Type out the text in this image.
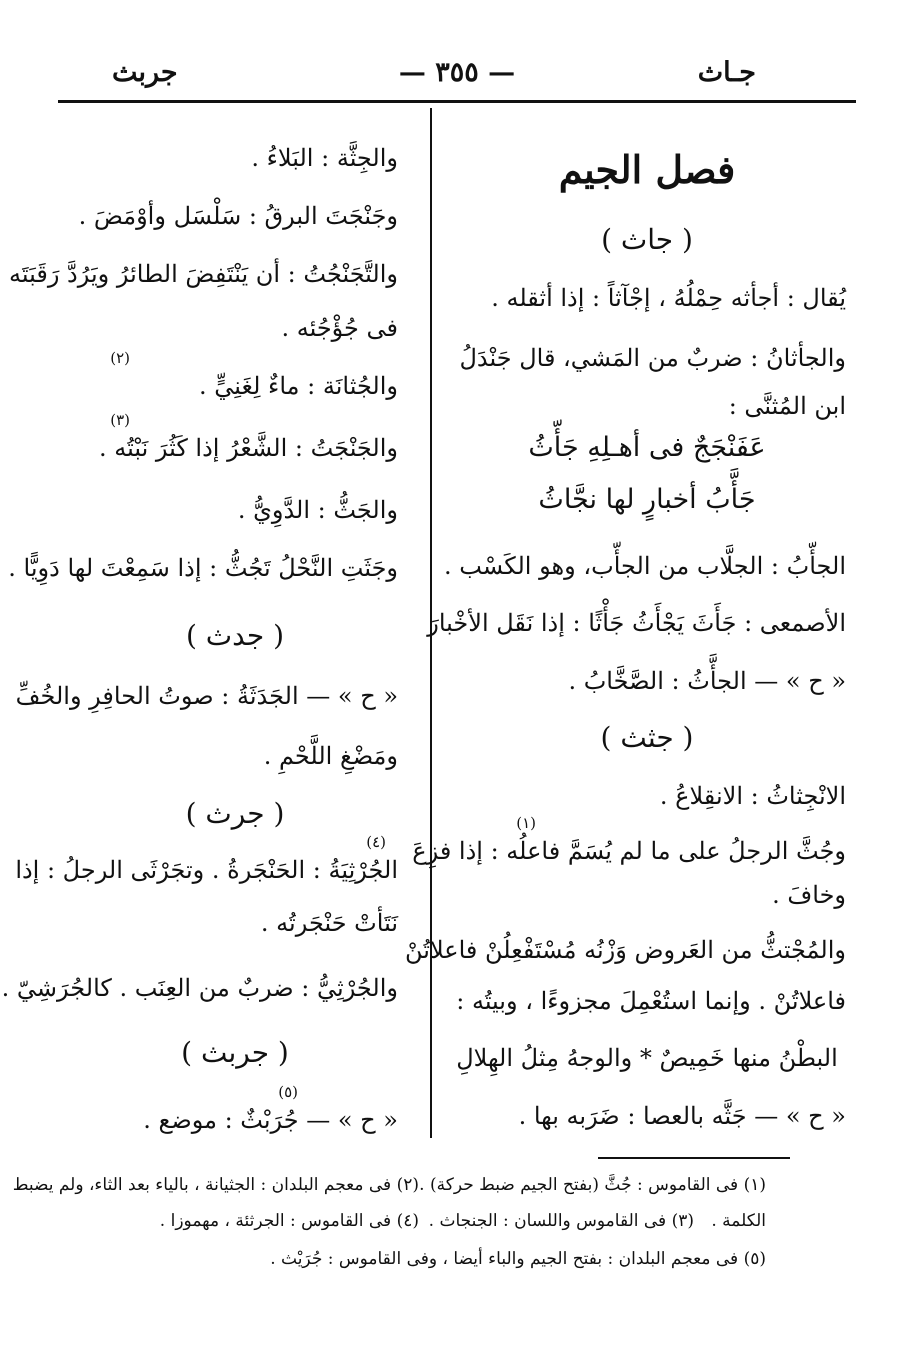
جـاث
— ٣٥٥ —
جربث
فصل الجيم
( جاث )
يُقال : أجأثه حِمْلُهُ ، إجْآثاً : إذا أثقله .
والجأثانُ : ضربٌ من المَشي، قال جَنْدَلُ
ابن المُثنَّى :
عَفَنْجَجٌ فى أهـلِهِ جَأّثُ
جَأَّبُ أخبارٍ لها نجَّاثُ
الجأّبُ : الجلَّاب من الجأّب، وهو الكَسْب .
الأصمعى : جَأَثَ يَجْأَثُ جَأْثًا : إذا نَقَل الأخْبارَ
« ح » — الجأَّثُ : الصَّخَّابُ .
( جثث )
الانْجِثاثُ : الانقِلاعُ .
(١)
وجُثَّ الرجلُ على ما لم يُسَمَّ فاعلُه : إذا فزِعَ
وخافَ .
والمُجْتثُّ من العَروض وَزْنُه مُسْتَفْعِلُنْ فاعلاتُنْ
فاعلاتُنْ . وإنما استُعْمِلَ مجزوءًا ، وبيتُه :
البطْنُ منها خَمِيصٌ * والوجهُ مِثلُ الهِلالِ
« ح » — جَثَّه بالعصا : ضَرَبه بها .
والجِثَّة : البَلاءُ .
وجَنْجَتَ البرقُ : سَلْسَل وأوْمَضَ .
والتَّجَنْجُتُ : أن يَنْتَفِضَ الطائرُ ويَرُدَّ رَقَبَتَه
فى جُؤْجُئه .
(٢)
والجُثانَة : ماءٌ لِغَنِيٍّ .
(٣)
والجَنْجَتُ : الشَّعْرُ إذا كَثُرَ نَبْتُه .
والجَثُّ : الدَّوِيُّ .
وجَثَتِ النَّحْلُ تَجُثُّ : إذا سَمِعْتَ لها دَوِيًّا .
( جدث )
« ح » — الجَدَثَةُ : صوتُ الحافِرِ والخُفِّ
ومَضْغِ اللَّحْمِ .
( جرث )
(٤)
الجُرْثِيَةُ : الحَنْجَرةُ . وتجَرْثَى الرجلُ : إذا
نَتَأتْ حَنْجَرتُه .
والجُرْثِيُّ : ضربٌ من العِنَب . كالجُرَشِيّ .
( جربث )
(٥)
« ح » — جُرَبْثٌ : موضع .
(١) فى القاموس : جُثَّ (بفتح الجيم ضبط حركة) .
(٢) فى معجم البلدان : الجثيانة ، بالياء بعد الثاء، ولم يضبط
الكلمة .
(٣) فى القاموس واللسان : الجنجاث .
(٤) فى القاموس : الجرثئة ، مهموزا .
(٥) فى معجم البلدان : بفتح الجيم والباء أيضا ، وفى القاموس : جُرَيْث .
